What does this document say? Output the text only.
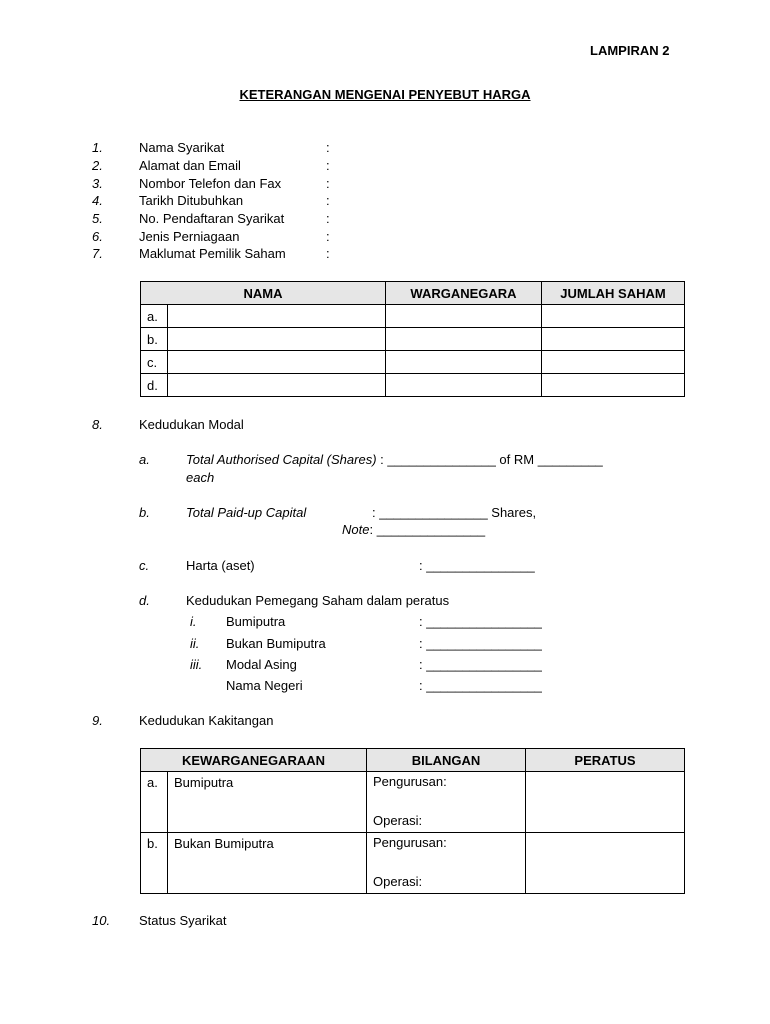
LAMPIRAN 2
KETERANGAN MENGENAI PENYEBUT HARGA
1.	Nama Syarikat	:
2.	Alamat dan Email	:
3.	Nombor Telefon dan Fax	:
4.	Tarikh Ditubuhkan	:
5.	No. Pendaftaran Syarikat	:
6.	Jenis Perniagaan	:
7.	Maklumat Pemilik Saham	:
NAMA		WARGANEGARA	JUMLAH SAHAM
a.			
b.			
c.			
d.			
8.	Kedudukan Modal
a.	Total Authorised Capital (Shares) : _______________ of RM _________
each
b.	Total Paid-up Capital	: _______________ Shares,
Note: _______________
c.	Harta (aset)	: _______________
d.	Kedudukan Pemegang Saham dalam peratus
i. Bumiputra	: ________________
ii. Bukan Bumiputra	: ________________
iii. Modal Asing	: ________________
Nama Negeri	: ________________
9.	Kedudukan Kakitangan
KEWARGANEGARAAN		BILANGAN	PERATUS
a.	Bumiputra	Pengurusan:
Operasi:	

b.	Bukan Bumiputra	Pengurusan:
Operasi:	

10. Status Syarikat
